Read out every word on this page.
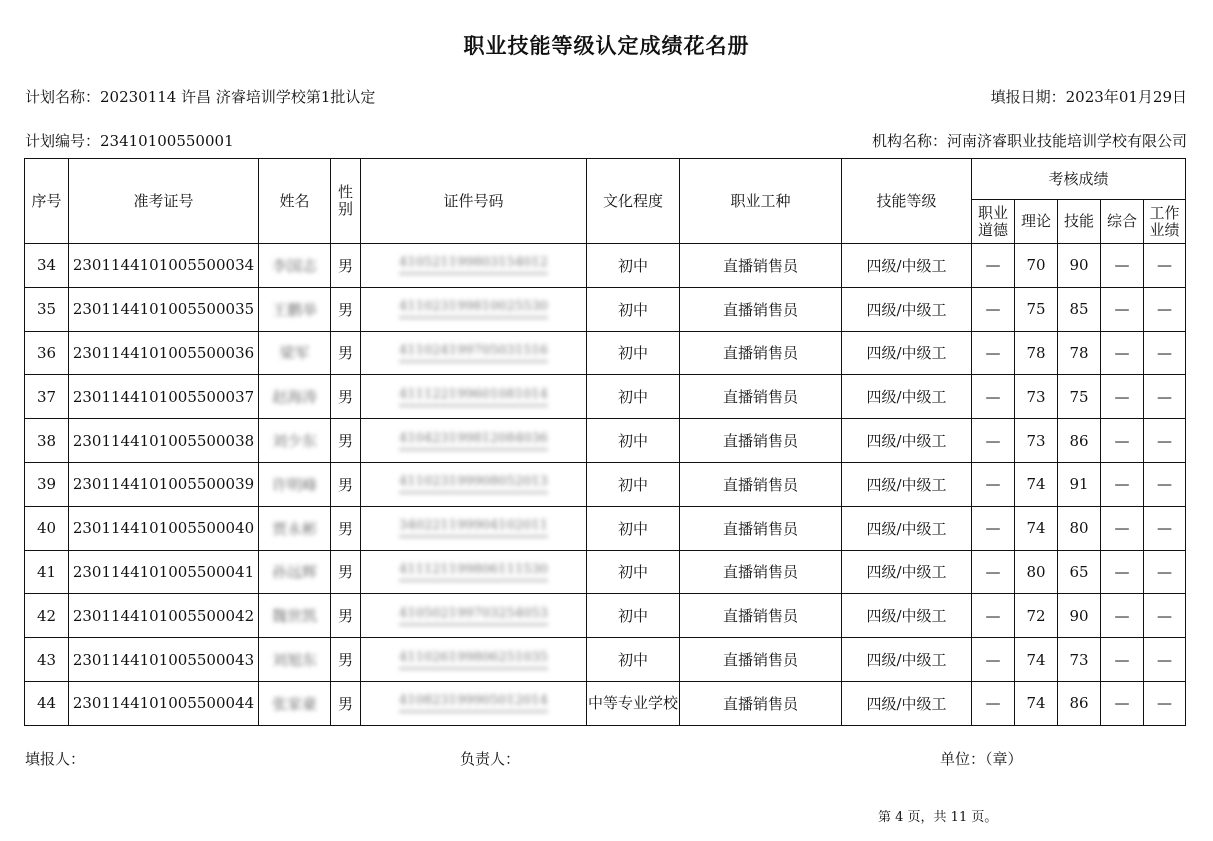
职业技能等级认定成绩花名册
计划名称：20230114 许昌 济睿培训学校第1批认定	填报日期：2023年01月29日
计划编号：23410100550001	机构名称：河南济睿职业技能培训学校有限公司
序号	准考证号	姓名	性别	证件号码	文化程度	职业工种	技能等级	考核成绩				
								职业道德	理论	技能	综合	工作业绩
34	2301144101005500034	李国志	男	410521199803154012	初中	直播销售员	四级/中级工	—	70	90	—	—
35	2301144101005500035	王鹏举	男	411023199810025530	初中	直播销售员	四级/中级工	—	75	85	—	—
36	2301144101005500036	梁军	男	411024199705031516	初中	直播销售员	四级/中级工	—	78	78	—	—
37	2301144101005500037	赵海涛	男	411122199601081014	初中	直播销售员	四级/中级工	—	73	75	—	—
38	2301144101005500038	刘少东	男	410423199812084036	初中	直播销售员	四级/中级工	—	73	86	—	—
39	2301144101005500039	许明峰	男	411023199908052013	初中	直播销售员	四级/中级工	—	74	91	—	—
40	2301144101005500040	贾永彬	男	340221199904102011	初中	直播销售员	四级/中级工	—	74	80	—	—
41	2301144101005500041	孙远辉	男	411121199806111530	初中	直播销售员	四级/中级工	—	80	65	—	—
42	2301144101005500042	魏世凯	男	410502199703254053	初中	直播销售员	四级/中级工	—	72	90	—	—
43	2301144101005500043	刘旭东	男	411026199806251035	初中	直播销售员	四级/中级工	—	74	73	—	—
44	2301144101005500044	张家豪	男	410823199905012014	中等专业学校	直播销售员	四级/中级工	—	74	86	—	—
填报人：	负责人：	单位：（章）
第 4 页，共 11 页。
